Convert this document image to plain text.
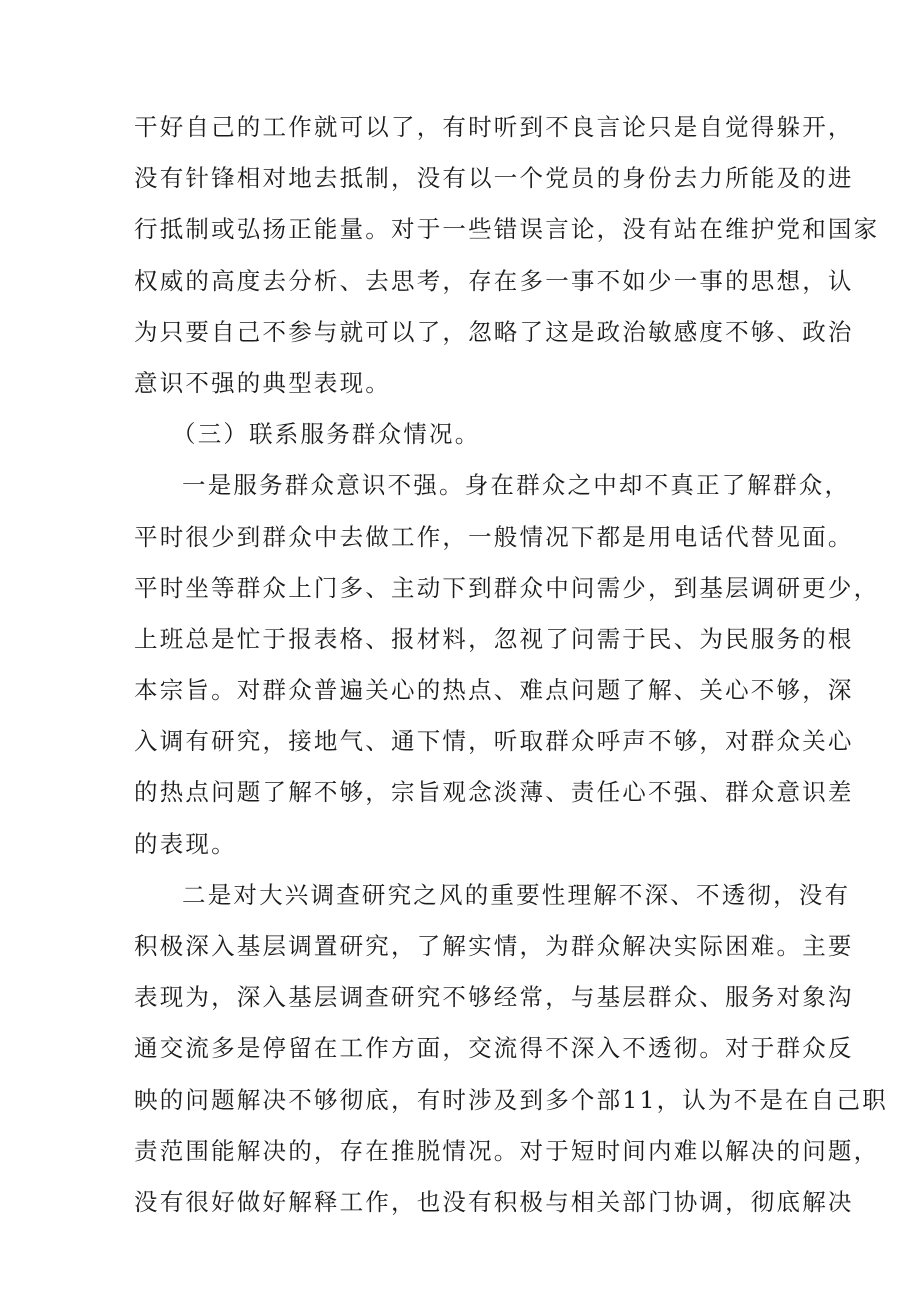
干好自己的工作就可以了，有时听到不良言论只是自觉得躲开，
没有针锋相对地去抵制，没有以一个党员的身份去力所能及的进
行抵制或弘扬正能量。对于一些错误言论，没有站在维护党和国家
权威的高度去分析、去思考，存在多一事不如少一事的思想，认
为只要自己不参与就可以了，忽略了这是政治敏感度不够、政治
意识不强的典型表现。
（三）联系服务群众情况。
一是服务群众意识不强。身在群众之中却不真正了解群众，
平时很少到群众中去做工作，一般情况下都是用电话代替见面。
平时坐等群众上门多、主动下到群众中问需少，到基层调研更少，
上班总是忙于报表格、报材料，忽视了问需于民、为民服务的根
本宗旨。对群众普遍关心的热点、难点问题了解、关心不够，深
入调有研究，接地气、通下情，听取群众呼声不够，对群众关心
的热点问题了解不够，宗旨观念淡薄、责任心不强、群众意识差
的表现。
二是对大兴调查研究之风的重要性理解不深、不透彻，没有
积极深入基层调置研究，了解实情，为群众解决实际困难。主要
表现为，深入基层调查研究不够经常，与基层群众、服务对象沟
通交流多是停留在工作方面，交流得不深入不透彻。对于群众反
映的问题解决不够彻底，有时涉及到多个部11，认为不是在自己职
责范围能解决的，存在推脱情况。对于短时间内难以解决的问题，
没有很好做好解释工作，也没有积极与相关部门协调，彻底解决
